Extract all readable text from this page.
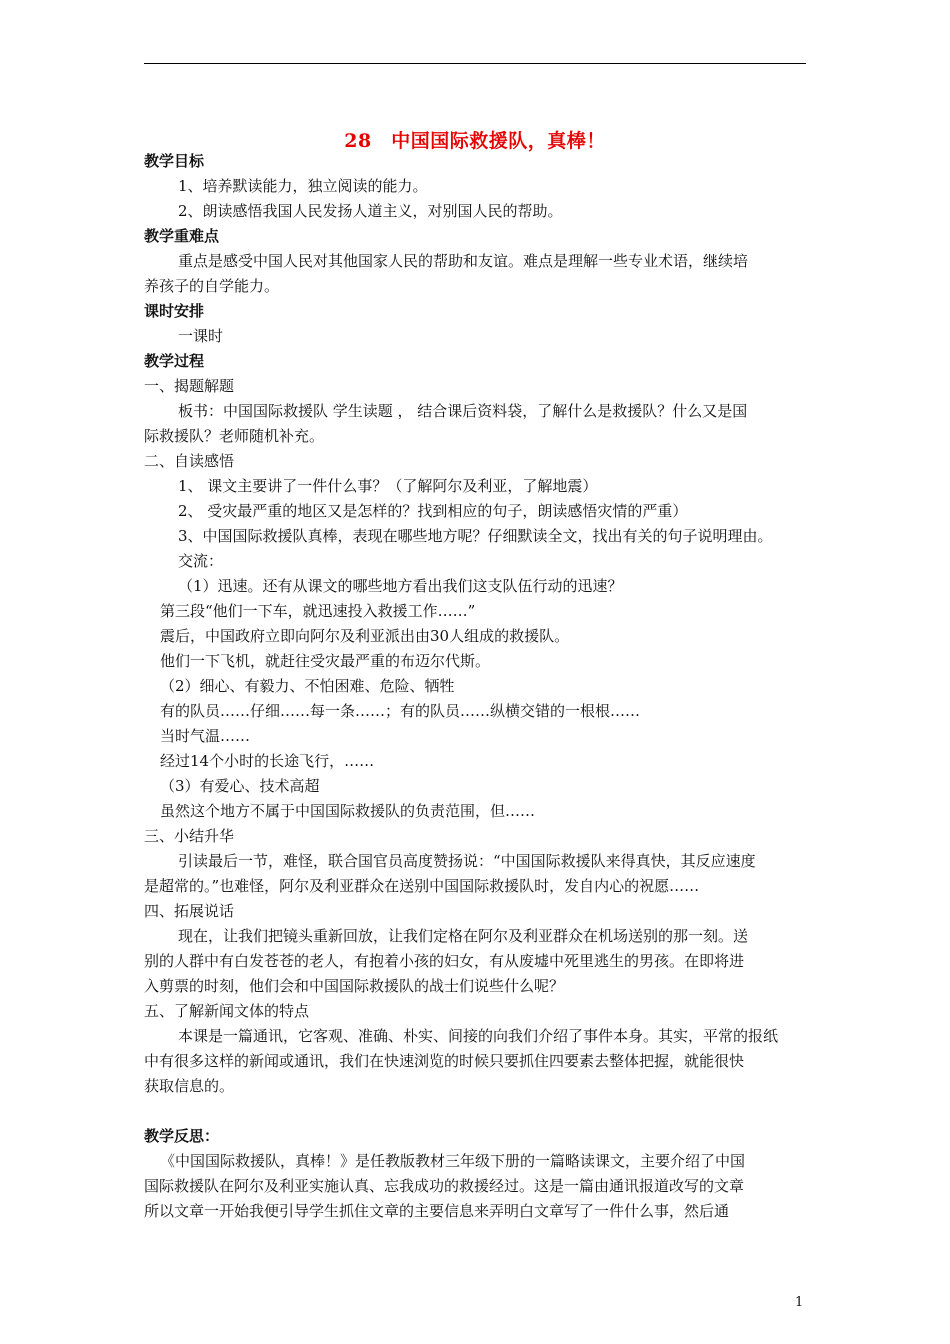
28　中国国际救援队，真棒！
教学目标
1、培养默读能力，独立阅读的能力。
2、朗读感悟我国人民发扬人道主义，对别国人民的帮助。
教学重难点
重点是感受中国人民对其他国家人民的帮助和友谊。难点是理解一些专业术语，继续培
养孩子的自学能力。
课时安排
一课时
教学过程
一、揭题解题
板书：中国国际救援队 学生读题 ， 结合课后资料袋，了解什么是救援队？什么又是国
际救援队？老师随机补充。
二、自读感悟
1、 课文主要讲了一件什么事？（了解阿尔及利亚，了解地震）
2、 受灾最严重的地区又是怎样的？找到相应的句子，朗读感悟灾情的严重）
3、中国国际救援队真棒，表现在哪些地方呢？仔细默读全文，找出有关的句子说明理由。
交流：
（1）迅速。还有从课文的哪些地方看出我们这支队伍行动的迅速？
第三段“他们一下车，就迅速投入救援工作……”
震后，中国政府立即向阿尔及利亚派出由30人组成的救援队。
他们一下飞机，就赶往受灾最严重的布迈尔代斯。
（2）细心、有毅力、不怕困难、危险、牺牲
有的队员……仔细……每一条……；有的队员……纵横交错的一根根……
当时气温……
经过14个小时的长途飞行，……
（3）有爱心、技术高超
虽然这个地方不属于中国国际救援队的负责范围，但……
三、小结升华
引读最后一节，难怪，联合国官员高度赞扬说：“中国国际救援队来得真快，其反应速度
是超常的。”也难怪，阿尔及利亚群众在送别中国国际救援队时，发自内心的祝愿……
四、拓展说话
现在，让我们把镜头重新回放，让我们定格在阿尔及利亚群众在机场送别的那一刻。送
别的人群中有白发苍苍的老人，有抱着小孩的妇女，有从废墟中死里逃生的男孩。在即将进
入剪票的时刻，他们会和中国国际救援队的战士们说些什么呢？
五、了解新闻文体的特点
本课是一篇通讯，它客观、准确、朴实、间接的向我们介绍了事件本身。其实，平常的报纸
中有很多这样的新闻或通讯，我们在快速浏览的时候只要抓住四要素去整体把握，就能很快
获取信息的。
教学反思：
《中国国际救援队，真棒！》是任教版教材三年级下册的一篇略读课文，主要介绍了中国
国际救援队在阿尔及利亚实施认真、忘我成功的救援经过。这是一篇由通讯报道改写的文章
所以文章一开始我便引导学生抓住文章的主要信息来弄明白文章写了一件什么事，然后通
1
